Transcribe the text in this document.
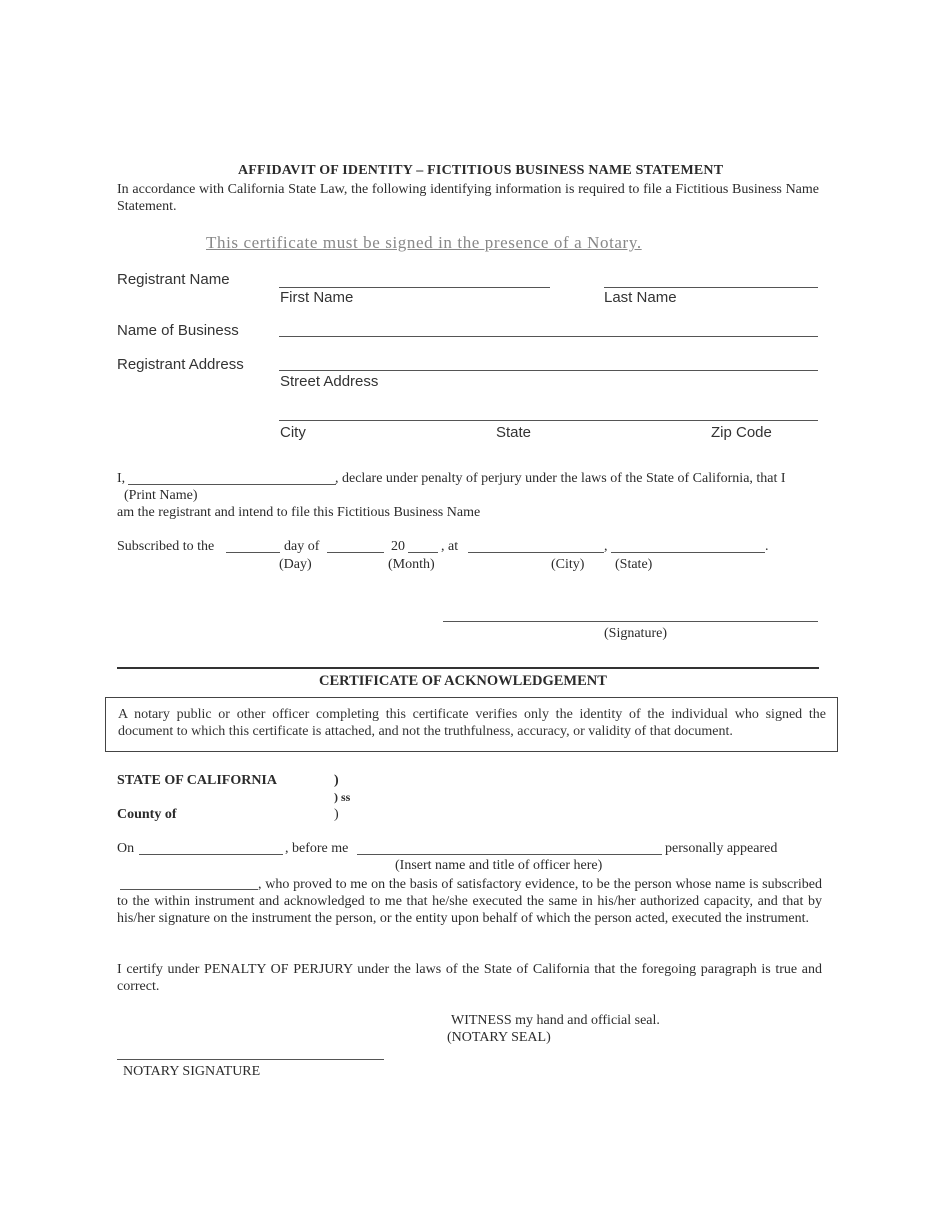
AFFIDAVIT OF IDENTITY – FICTITIOUS BUSINESS NAME STATEMENT
In accordance with California State Law, the following identifying information is required to file a Fictitious Business Name Statement.
This certificate must be signed in the presence of a Notary.
Registrant Name
First Name	Last Name
Name of Business
Registrant Address
Street Address
City	State	Zip Code
I,	, declare under penalty of perjury under the laws of the State of California, that I
(Print Name)
am the registrant and intend to file this Fictitious Business Name
Subscribed to the	day of	20	, at	,	.
(Day)	(Month)	(City) (State)
(Signature)
CERTIFICATE OF ACKNOWLEDGEMENT
A notary public or other officer completing this certificate verifies only the identity of the individual who signed the document to which this certificate is attached, and not the truthfulness, accuracy, or validity of that document.
STATE OF CALIFORNIA	)
) ss
County of	)
On	, before me	personally appeared
(Insert name and title of officer here)
, who proved to me on the basis of satisfactory evidence, to be the person whose name is subscribed to the within instrument and acknowledged to me that he/she executed the same in his/her authorized capacity, and that by his/her signature on the instrument the person, or the entity upon behalf of which the person acted, executed the instrument.
I certify under PENALTY OF PERJURY under the laws of the State of California that the foregoing paragraph is true and correct.
WITNESS my hand and official seal.
(NOTARY SEAL)
NOTARY SIGNATURE
